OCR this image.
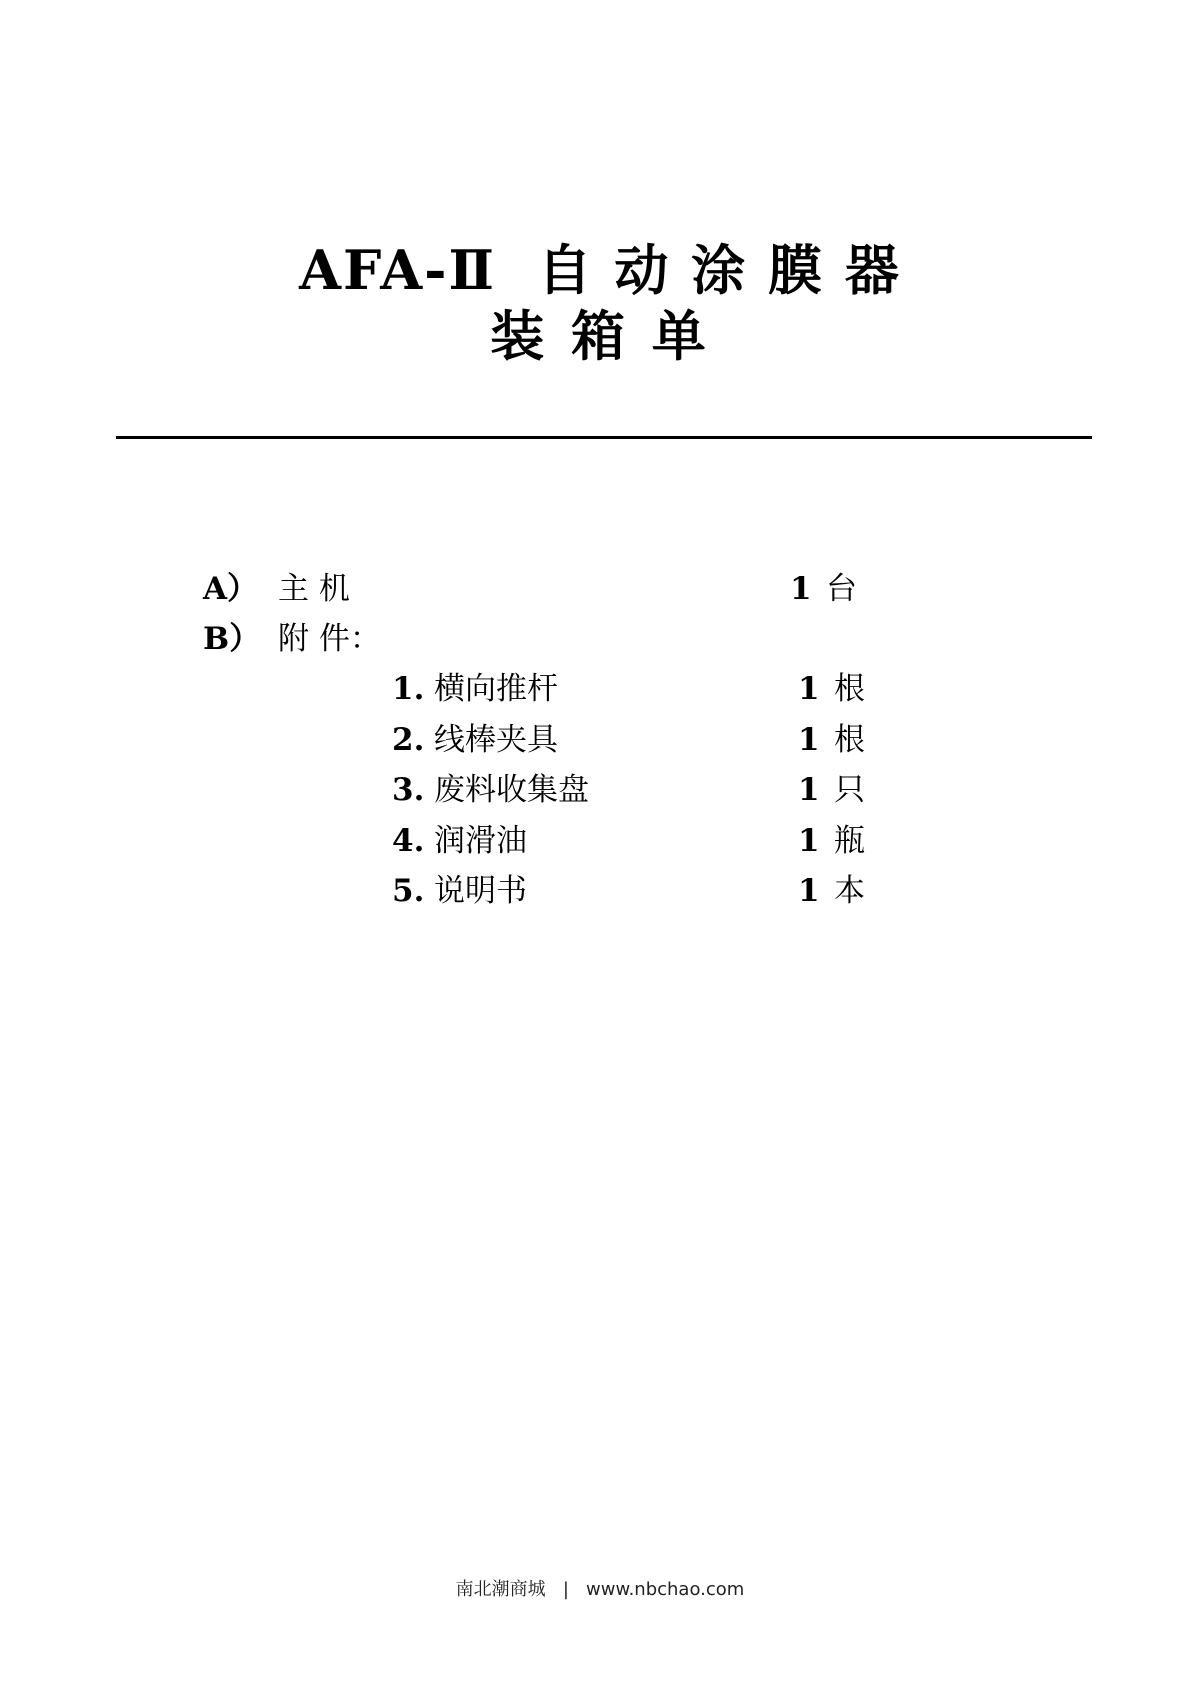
AFA-Ⅱ  自 动 涂 膜 器
装 箱 单
A） 主 机	1 台
B） 附 件：
1. 横向推杆	1 根
2. 线棒夹具	1 根
3. 废料收集盘	1 只
4. 润滑油	1 瓶
5. 说明书	1 本
南北潮商城   |   www.nbchao.com
